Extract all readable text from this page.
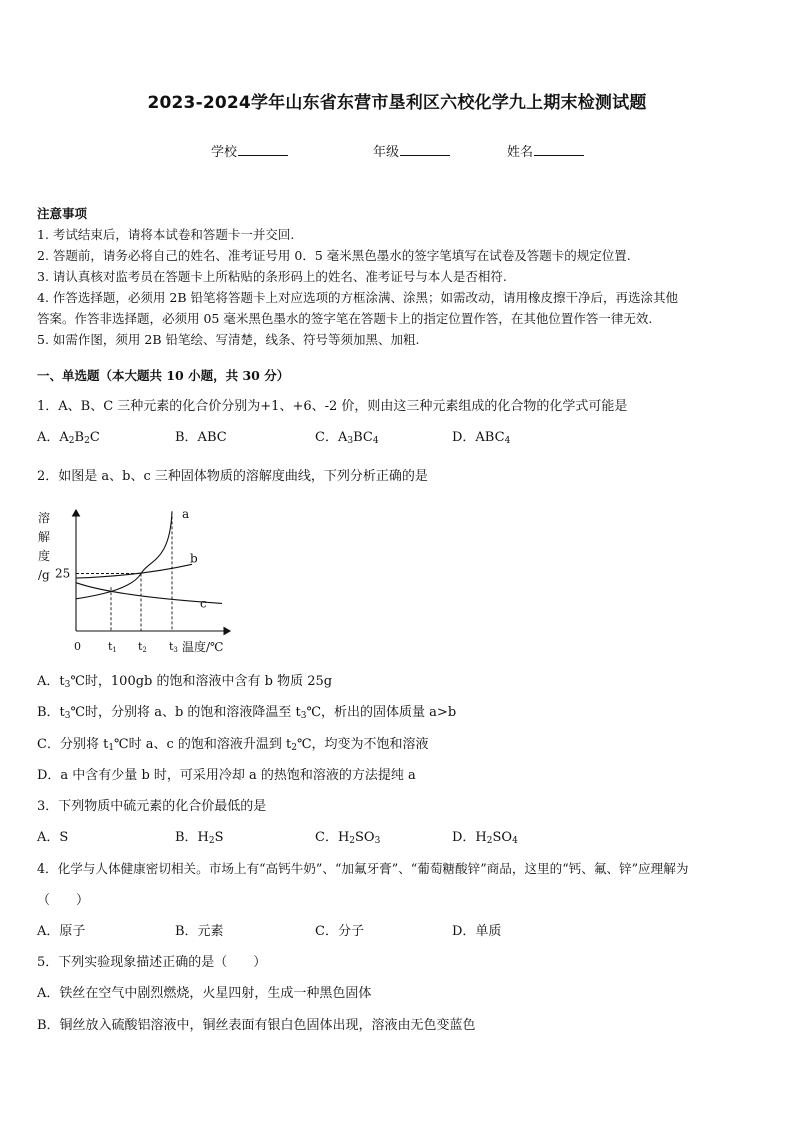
2023-2024学年山东省东营市垦利区六校化学九上期末检测试题
学校	年级	姓名
注意事项
1. 考试结束后，请将本试卷和答题卡一并交回.
2. 答题前，请务必将自己的姓名、准考证号用 0．5 毫米黑色墨水的签字笔填写在试卷及答题卡的规定位置.
3. 请认真核对监考员在答题卡上所粘贴的条形码上的姓名、准考证号与本人是否相符.
4. 作答选择题，必须用 2B 铅笔将答题卡上对应选项的方框涂满、涂黑；如需改动，请用橡皮擦干净后，再选涂其他
答案。作答非选择题，必须用 05 毫米黑色墨水的签字笔在答题卡上的指定位置作答，在其他位置作答一律无效.
5. 如需作图，须用 2B 铅笔绘、写清楚，线条、符号等须加黑、加粗.
一、单选题（本大题共 10 小题，共 30 分）
1．A、B、C 三种元素的化合价分别为+1、+6、-2 价，则由这三种元素组成的化合物的化学式可能是
A．$A_2B_2C$	B．ABC	C．$A_3BC_4$	D．$ABC_4$
2．如图是 a、b、c 三种固体物质的溶解度曲线，下列分析正确的是
溶
解
度
/g 25
0 t1 t2 t3 温度/℃
a
b
c
A．$t_3℃$时，100gb 的饱和溶液中含有 b 物质 25g
B．$t_3℃$时，分别将 a、b 的饱和溶液降温至 $t_3℃$，析出的固体质量 a>b
C．分别将 $t_1℃$时 a、c 的饱和溶液升温到 $t_2℃$，均变为不饱和溶液
D．a 中含有少量 b 时，可采用冷却 a 的热饱和溶液的方法提纯 a
3．下列物质中硫元素的化合价最低的是
A．S	B．$H_2S$	C．$H_2SO_3$	D．$H_2SO_4$
4．化学与人体健康密切相关。市场上有“高钙牛奶”、“加氟牙膏”、“葡萄糖酸锌”商品，这里的“钙、氟、锌”应理解为
（　　）
A．原子	B．元素	C．分子	D．单质
5．下列实验现象描述正确的是（　　）
A．铁丝在空气中剧烈燃烧，火星四射，生成一种黑色固体
B．铜丝放入硫酸铝溶液中，铜丝表面有银白色固体出现，溶液由无色变蓝色
